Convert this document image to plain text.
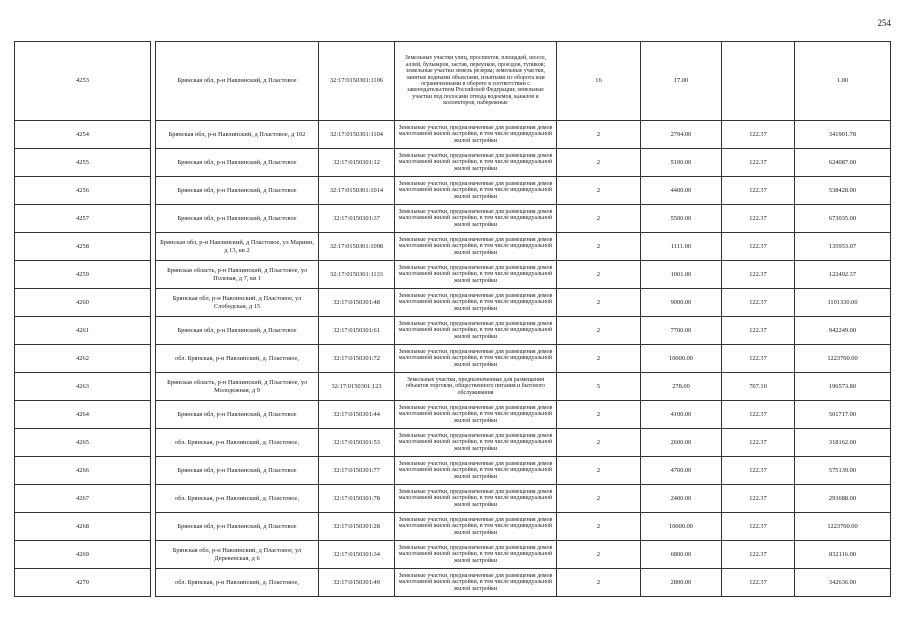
254
4253		Брянская обл, р-н Навлинский, д Пластовое	32:17:0150301:1106	Земельные участки улиц, проспектов, площадей, шоссе, аллей, бульваров, застав, переулков, проездов, тупиков; земельные участки земель резерва; земельные участки, занятые водными объектами, изъятыми из оборота или ограниченными в обороте в соответствии с законодательством Российской Федерации; земельные участки под полосами отвода водоемов, каналов и коллекторов, набережные	16	17.00		1.00
4254		Брянская обл, р-н Навлинский, д Пластовое, д 102	32:17:0150301:1104	Земельные участки, предназначенные для размещения домов малоэтажной жилой застройки, в том числе индивидуальной жилой застройки	2	2794.00	122.37	341901.78
4255		Брянская обл, р-н Навлинский, д Пластовое	32:17:0150301:12	Земельные участки, предназначенные для размещения домов малоэтажной жилой застройки, в том числе индивидуальной жилой застройки	2	5100.00	122.37	624087.00
4256		Брянская обл, р-н Навлинский, д Пластовое	32:17:0150301:1014	Земельные участки, предназначенные для размещения домов малоэтажной жилой застройки, в том числе индивидуальной жилой застройки	2	4400.00	122.37	538428.00
4257		Брянская обл, р-н Навлинский, д Пластовое	32:17:0150301:37	Земельные участки, предназначенные для размещения домов малоэтажной жилой застройки, в том числе индивидуальной жилой застройки	2	5500.00	122.37	673035.00
4258		Брянская обл, р-н Навлинский, д Пластовое, ул Мариин, д 13, кв 2	32:17:0150301:1098	Земельные участки, предназначенные для размещения домов малоэтажной жилой застройки, в том числе индивидуальной жилой застройки	2	1111.00	122.37	135953.07
4259		Брянская область, р-н Навлинский, д Пластовое, ул Полевая, д 7, кв 1	32:17:0150301:1133	Земельные участки, предназначенные для размещения домов малоэтажной жилой застройки, в том числе индивидуальной жилой застройки	2	1001.00	122.37	122492.37
4260		Брянская обл, р-н Навлинский, д Пластовое, ул Слободская, д 15	32:17:0150301:48	Земельные участки, предназначенные для размещения домов малоэтажной жилой застройки, в том числе индивидуальной жилой застройки	2	9000.00	122.37	1101330.00
4261		Брянская обл, р-н Навлинский, д Пластовое	32:17:0150301:61	Земельные участки, предназначенные для размещения домов малоэтажной жилой застройки, в том числе индивидуальной жилой застройки	2	7700.00	122.37	942249.00
4262		обл. Брянская, р-н Навлинский, д. Пластовое,	32:17:0150301:72	Земельные участки, предназначенные для размещения домов малоэтажной жилой застройки, в том числе индивидуальной жилой застройки	2	10000.00	122.37	1223700.00
4263		Брянская область, р-н Навлинский, д Пластовое, ул Молодежная, д 9	32:17:0150301:123	Земельные участки, предназначенные для размещения объектов торговли, общественного питания и бытового обслуживания	5	278.00	707.10	196573.80
4264		Брянская обл, р-н Навлинский, д Пластовое	32:17:0150301:44	Земельные участки, предназначенные для размещения домов малоэтажной жилой застройки, в том числе индивидуальной жилой застройки	2	4100.00	122.37	501717.00
4265		обл. Брянская, р-н Навлинский, д. Пластовое,	32:17:0150301:53	Земельные участки, предназначенные для размещения домов малоэтажной жилой застройки, в том числе индивидуальной жилой застройки	2	2600.00	122.37	318162.00
4266		Брянская обл, р-н Навлинский, д Пластовое	32:17:0150301:77	Земельные участки, предназначенные для размещения домов малоэтажной жилой застройки, в том числе индивидуальной жилой застройки	2	4700.00	122.37	575139.00
4267		обл. Брянская, р-н Навлинский, д. Пластовое,	32:17:0150301:78	Земельные участки, предназначенные для размещения домов малоэтажной жилой застройки, в том числе индивидуальной жилой застройки	2	2400.00	122.37	293688.00
4268		Брянская обл, р-н Навлинский, д Пластовое	32:17:0150301:28	Земельные участки, предназначенные для размещения домов малоэтажной жилой застройки, в том числе индивидуальной жилой застройки	2	10000.00	122.37	1223700.00
4269		Брянская обл, р-н Навлинский, д Пластовое, ул Деревенская, д 6	32:17:0150301:34	Земельные участки, предназначенные для размещения домов малоэтажной жилой застройки, в том числе индивидуальной жилой застройки	2	6800.00	122.37	832116.00
4270		обл. Брянская, р-н Навлинский, д. Пластовое,	32:17:0150301:49	Земельные участки, предназначенные для размещения домов малоэтажной жилой застройки, в том числе индивидуальной жилой застройки	2	2800.00	122.37	342636.00
